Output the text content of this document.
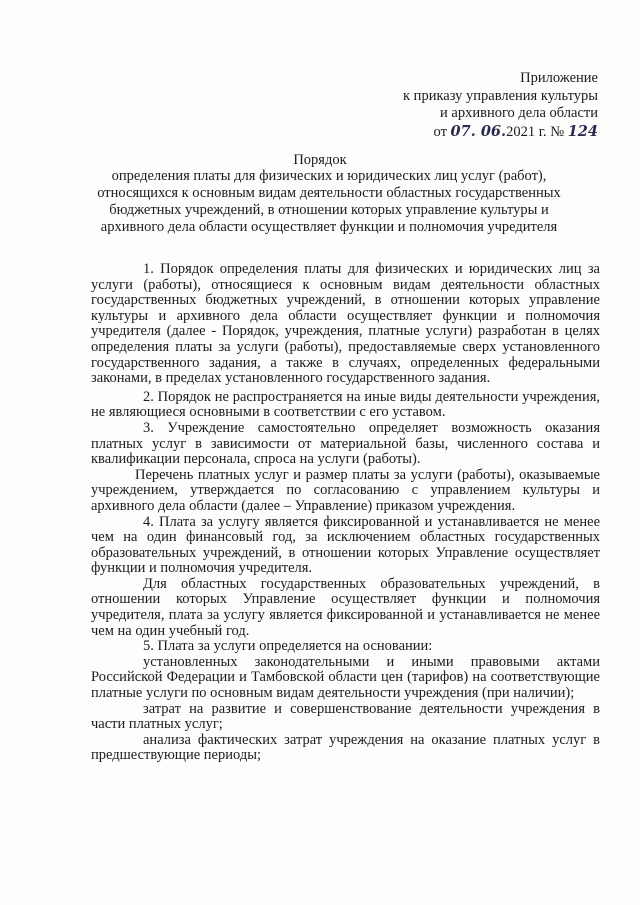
Приложение
к приказу управления культуры
и архивного дела области
от 07. 06.2021 г. № 124
Порядок
определения платы для физических и юридических лиц услуг (работ), относящихся к основным видам деятельности областных государственных бюджетных учреждений, в отношении которых управление культуры и архивного дела области осуществляет функции и полномочия учредителя

1. Порядок определения платы для физических и юридических лиц за услуги (работы), относящиеся к основным видам деятельности областных государственных бюджетных учреждений, в отношении которых управление культуры и архивного дела области осуществляет функции и полномочия учредителя (далее - Порядок, учреждения, платные услуги) разработан в целях определения платы за услуги (работы), предоставляемые сверх установленного государственного задания, а также в случаях, определенных федеральными законами, в пределах установленного государственного задания.

2. Порядок не распространяется на иные виды деятельности учреждения, не являющиеся основными в соответствии с его уставом.

3. Учреждение самостоятельно определяет возможность оказания платных услуг в зависимости от материальной базы, численного состава и квалификации персонала, спроса на услуги (работы).

Перечень платных услуг и размер платы за услуги (работы), оказываемые учреждением, утверждается по согласованию с управлением культуры и архивного дела области (далее – Управление) приказом учреждения.

4. Плата за услугу является фиксированной и устанавливается не менее чем на один финансовый год, за исключением областных государственных образовательных учреждений, в отношении которых Управление осуществляет функции и полномочия учредителя.

Для областных государственных образовательных учреждений, в отношении которых Управление осуществляет функции и полномочия учредителя, плата за услугу является фиксированной и устанавливается не менее чем на один учебный год.

5. Плата за услуги определяется на основании:

установленных законодательными и иными правовыми актами Российской Федерации и Тамбовской области цен (тарифов) на соответствующие платные услуги по основным видам деятельности учреждения (при наличии);

затрат на развитие и совершенствование деятельности учреждения в части платных услуг;

анализа фактических затрат учреждения на оказание платных услуг в предшествующие периоды;
